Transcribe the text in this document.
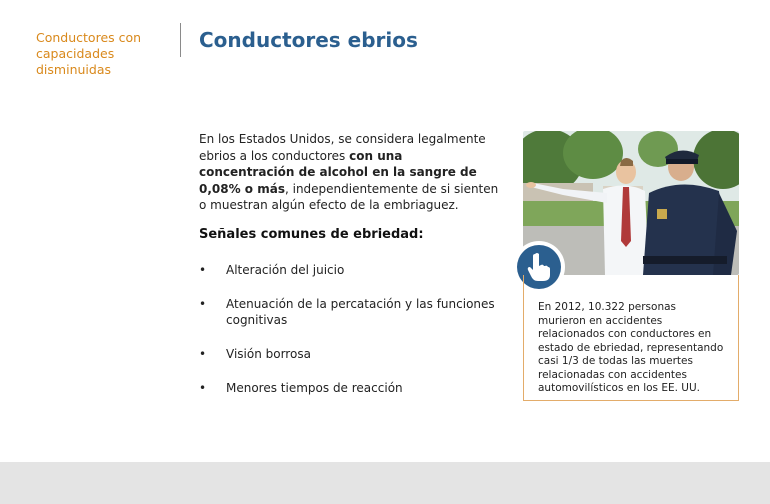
Conductores con capacidades disminuidas
Conductores ebrios

En los Estados Unidos, se considera legalmente ebrios a los conductores con una concentración de alcohol en la sangre de 0,08% o más, independientemente de si sienten o muestran algún efecto de la embriaguez.

Señales comunes de ebriedad:

• Alteración del juicio
• Atenuación de la percatación y las funciones cognitivas
• Visión borrosa
• Menores tiempos de reacción
En 2012, 10.322 personas murieron en accidentes relacionados con conductores en estado de ebriedad, representando casi 1/3 de todas las muertes relacionadas con accidentes automovilísticos en los EE. UU.
